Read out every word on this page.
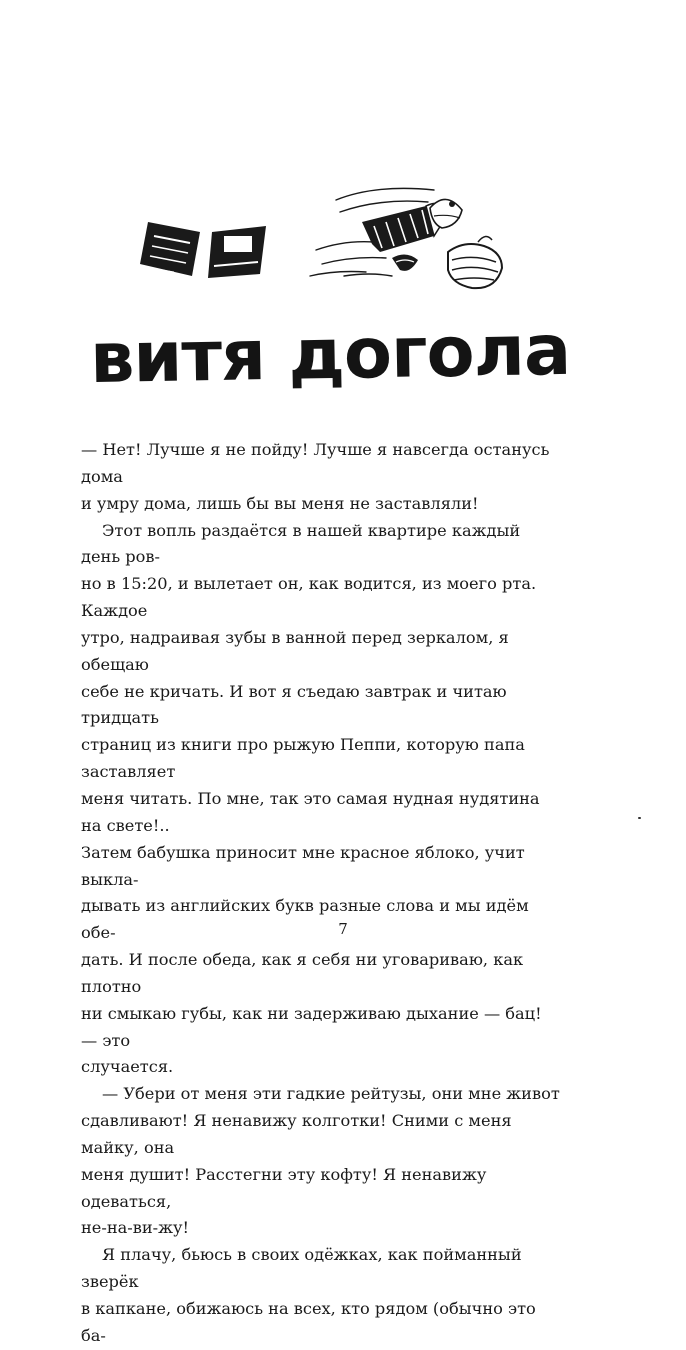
витя догола

— Нет! Лучше я не пойду! Лучше я навсегда останусь дома
и умру дома, лишь бы вы меня не заставляли!

Этот вопль раздаётся в нашей квартире каждый день ров-
но в 15:20, и вылетает он, как водится, из моего рта. Каждое
утро, надраивая зубы в ванной перед зеркалом, я обещаю
себе не кричать. И вот я съедаю завтрак и читаю тридцать
страниц из книги про рыжую Пеппи, которую папа заставляет
меня читать. По мне, так это самая нудная нудятина на свете!..
Затем бабушка приносит мне красное яблоко, учит выкла-
дывать из английских букв разные слова и мы идём обе-
дать. И после обеда, как я себя ни уговариваю, как плотно
ни смыкаю губы, как ни задерживаю дыхание — бац! — это
случается.

— Убери от меня эти гадкие рейтузы, они мне живот
сдавливают! Я ненавижу колготки! Сними с меня майку, она
меня душит! Расстегни эту кофту! Я ненавижу одеваться,
не-на-ви-жу!

Я плачу, бьюсь в своих одёжках, как пойманный зверёк
в капкане, обижаюсь на всех, кто рядом (обычно это ба-

7
